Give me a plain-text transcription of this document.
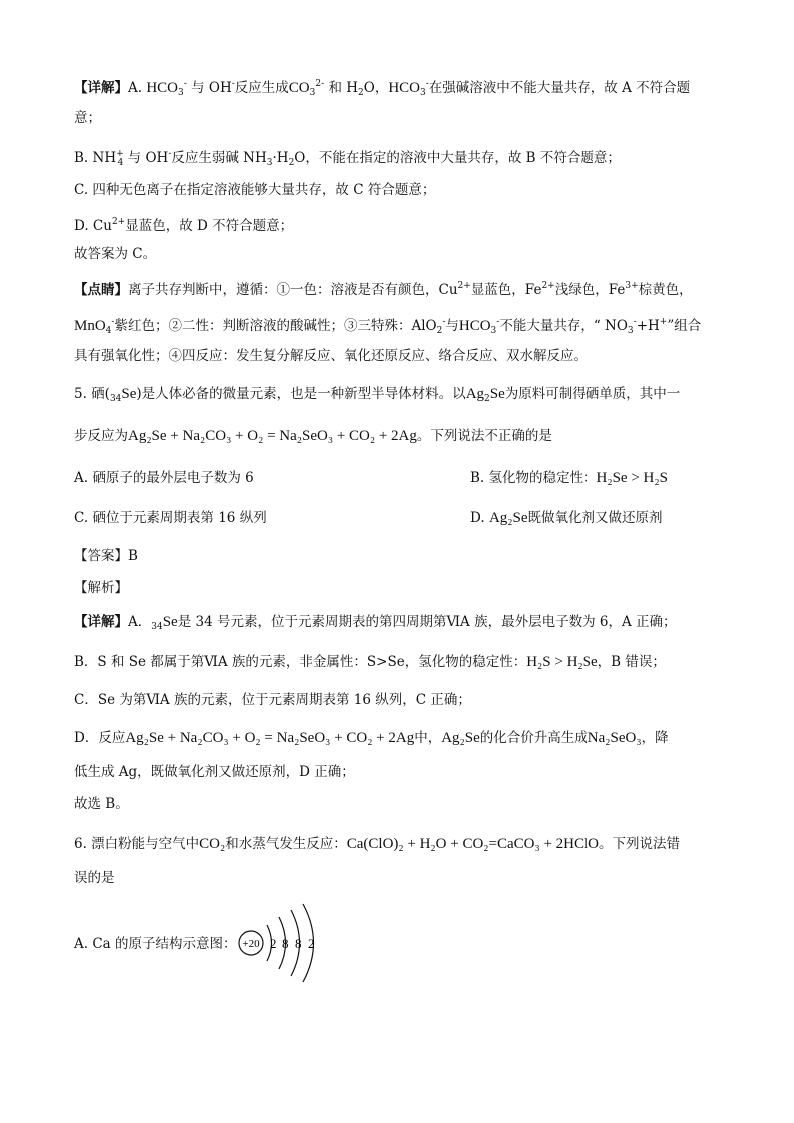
【详解】A. $HCO_3^-$ 与 OH-反应生成$CO_3^{2-}$ 和 $H_2O$，$HCO_3^-$在强碱溶液中不能大量共存，故 A 不符合题
意；
B. $NH^+_4$ 与 OH-反应生弱碱 $NH_3\cdot H_2O$，不能在指定的溶液中大量共存，故 B 不符合题意；
C. 四种无色离子在指定溶液能够大量共存，故 C 符合题意；
D. $Cu^{2+}$显蓝色，故 D 不符合题意；
故答案为 C。
【点睛】离子共存判断中，遵循：①一色：溶液是否有颜色，$Cu^{2+}$显蓝色，$Fe^{2+}$浅绿色，$Fe^{3+}$棕黄色，
MnO$_4$-紫红色；②二性：判断溶液的酸碱性；③三特殊：AlO$_2$-与$HCO_3^-$不能大量共存，“ $NO_3^-+H^+$”组合
具有强氧化性；④四反应：发生复分解反应、氧化还原反应、络合反应、双水解反应。
5. 硒$(_{34}Se)$是人体必备的微量元素，也是一种新型半导体材料。以$Ag_2Se$为原料可制得硒单质，其中一
步反应为Ag₂Se + Na₂CO₃ + O₂ = Na₂SeO₃ + CO₂ + 2Ag。下列说法不正确的是
A. 硒原子的最外层电子数为 6	B. 氢化物的稳定性：H₂Se > H₂S
C. 硒位于元素周期表第 16 纵列	D. Ag₂Se既做氧化剂又做还原剂
【答案】B
【解析】
【详解】A．$_{34}$Se是 34 号元素，位于元素周期表的第四周期第ⅥA 族，最外层电子数为 6，A 正确；
B．S 和 Se 都属于第ⅥA 族的元素，非金属性：S>Se，氢化物的稳定性：H₂S > H₂Se，B 错误；
C．Se 为第ⅥA 族的元素，位于元素周期表第 16 纵列，C 正确；
D．反应Ag₂Se + Na₂CO₃ + O₂ = Na₂SeO₃ + CO₂ + 2Ag中，Ag₂Se的化合价升高生成Na₂SeO₃，降
低生成 Ag，既做氧化剂又做还原剂，D 正确；
故选 B。
6. 漂白粉能与空气中CO₂和水蒸气发生反应：Ca(ClO)₂ + H₂O + CO₂=CaCO₃ + 2HClO。下列说法错
误的是
A. Ca 的原子结构示意图： +20 2 8 8 2
